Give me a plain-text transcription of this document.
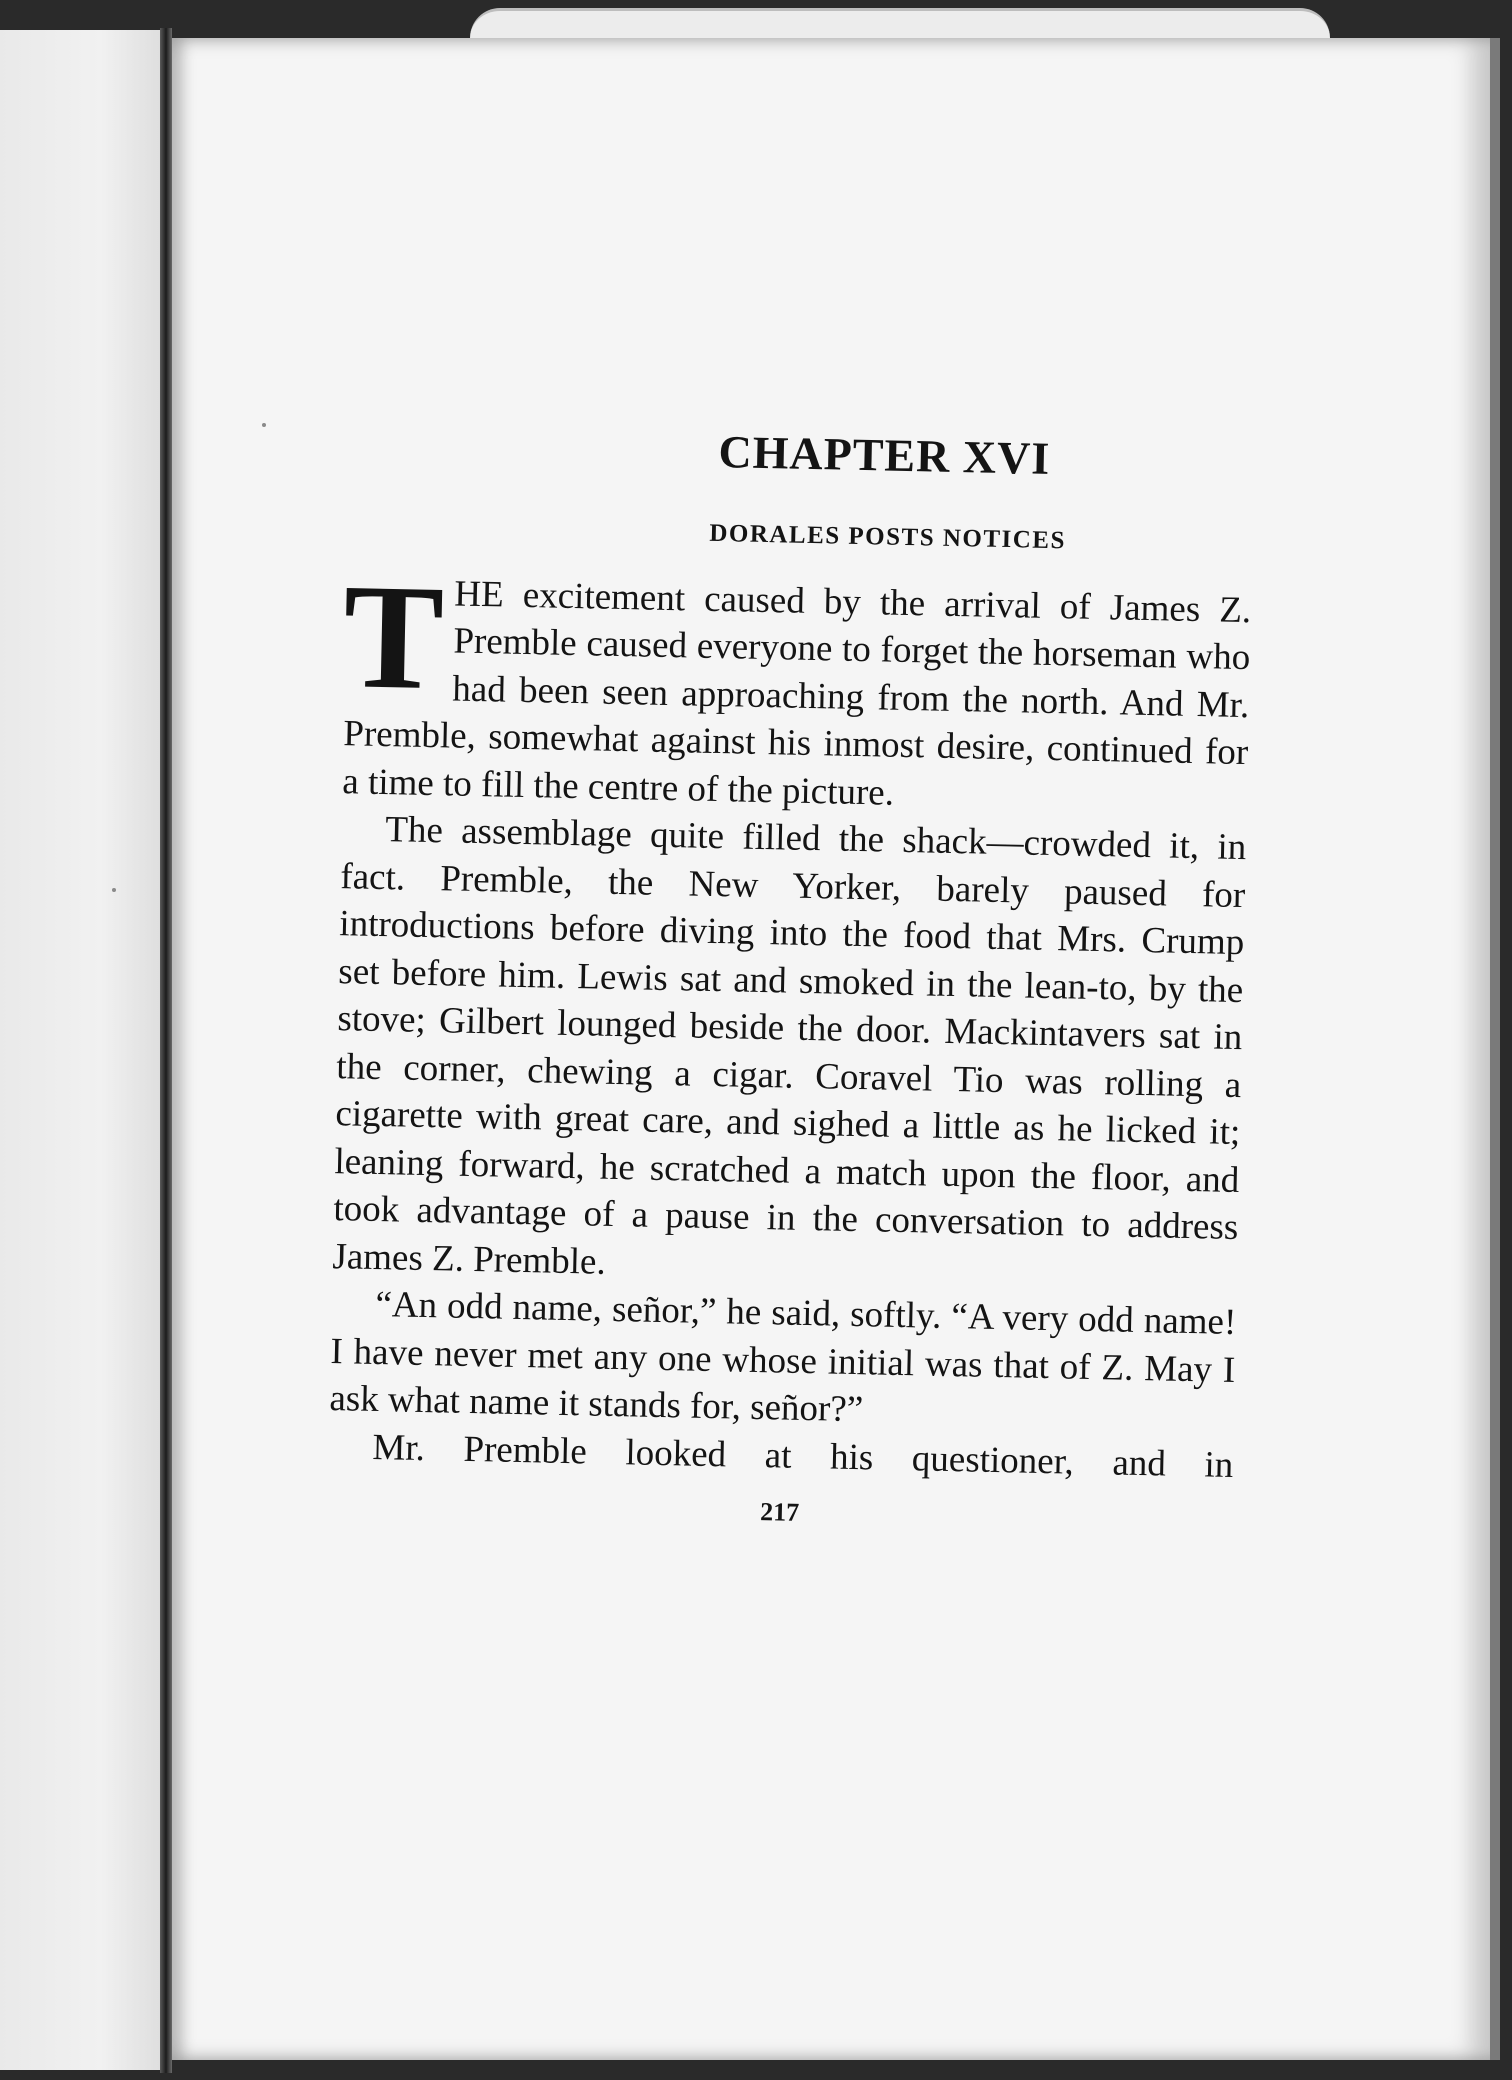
CHAPTER XVI
DORALES POSTS NOTICES

THE excitement caused by the arrival of James Z. Premble caused everyone to forget the horseman who had been seen approaching from the north. And Mr. Premble, somewhat against his inmost desire, continued for a time to fill the centre of the picture.

The assemblage quite filled the shack—crowded it, in fact. Premble, the New Yorker, barely paused for introductions before diving into the food that Mrs. Crump set before him. Lewis sat and smoked in the lean-to, by the stove; Gilbert lounged beside the door. Mackintavers sat in the corner, chewing a cigar. Coravel Tio was rolling a cigarette with great care, and sighed a little as he licked it; leaning forward, he scratched a match upon the floor, and took advantage of a pause in the conversation to address James Z. Premble.

“An odd name, señor,” he said, softly. “A very odd name! I have never met any one whose initial was that of Z. May I ask what name it stands for, señor?”

Mr. Premble looked at his questioner, and in

217
